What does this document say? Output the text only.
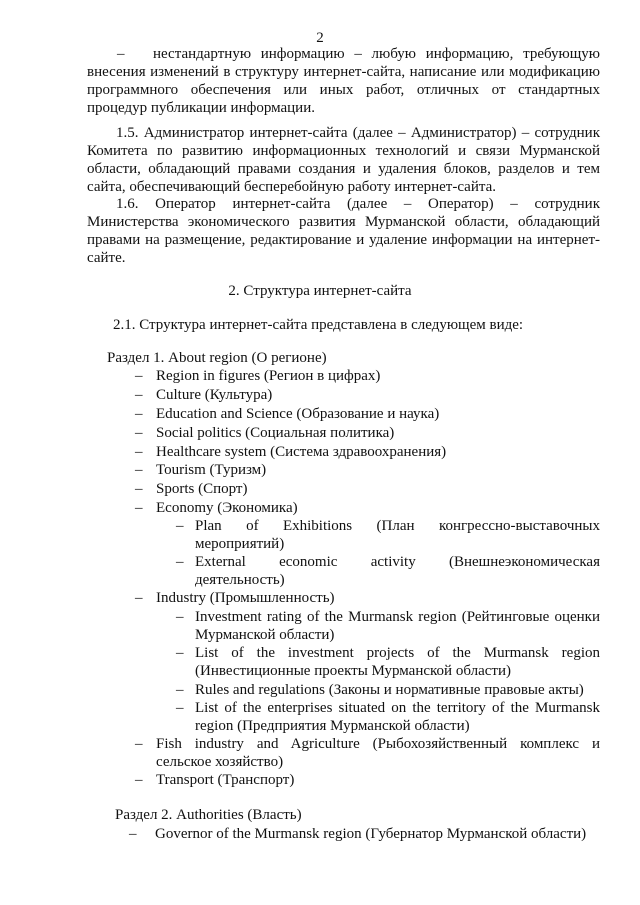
2
– нестандартную информацию – любую информацию, требующую внесения изменений в структуру интернет-сайта, написание или модификацию программного обеспечения или иных работ, отличных от стандартных процедур публикации информации.
1.5. Администратор интернет-сайта (далее – Администратор) – сотрудник Комитета по развитию информационных технологий и связи Мурманской области, обладающий правами создания и удаления блоков, разделов и тем сайта, обеспечивающий бесперебойную работу интернет-сайта.
1.6. Оператор интернет-сайта (далее – Оператор) – сотрудник Министерства экономического развития Мурманской области, обладающий правами на размещение, редактирование и удаление информации на интернет-сайте.
2. Структура интернет-сайта
2.1. Структура интернет-сайта представлена в следующем виде:
Раздел 1. About region (О регионе)
– Region in figures (Регион в цифрах)
– Culture (Культура)
– Education and Science (Образование и наука)
– Social politics (Социальная политика)
– Healthcare system (Система здравоохранения)
– Tourism (Туризм)
– Sports (Спорт)
– Economy (Экономика)
– Plan of Exhibitions (План конгрессно-выставочных мероприятий)
– External economic activity (Внешнеэкономическая деятельность)
– Industry (Промышленность)
– Investment rating of the Murmansk region (Рейтинговые оценки Мурманской области)
– List of the investment projects of the Murmansk region (Инвестиционные проекты Мурманской области)
– Rules and regulations (Законы и нормативные правовые акты)
– List of the enterprises situated on the territory of the Murmansk region (Предприятия Мурманской области)
– Fish industry and Agriculture (Рыбохозяйственный комплекс и сельское хозяйство)
– Transport (Транспорт)
Раздел 2. Authorities (Власть)
– Governor of the Murmansk region (Губернатор Мурманской области)
